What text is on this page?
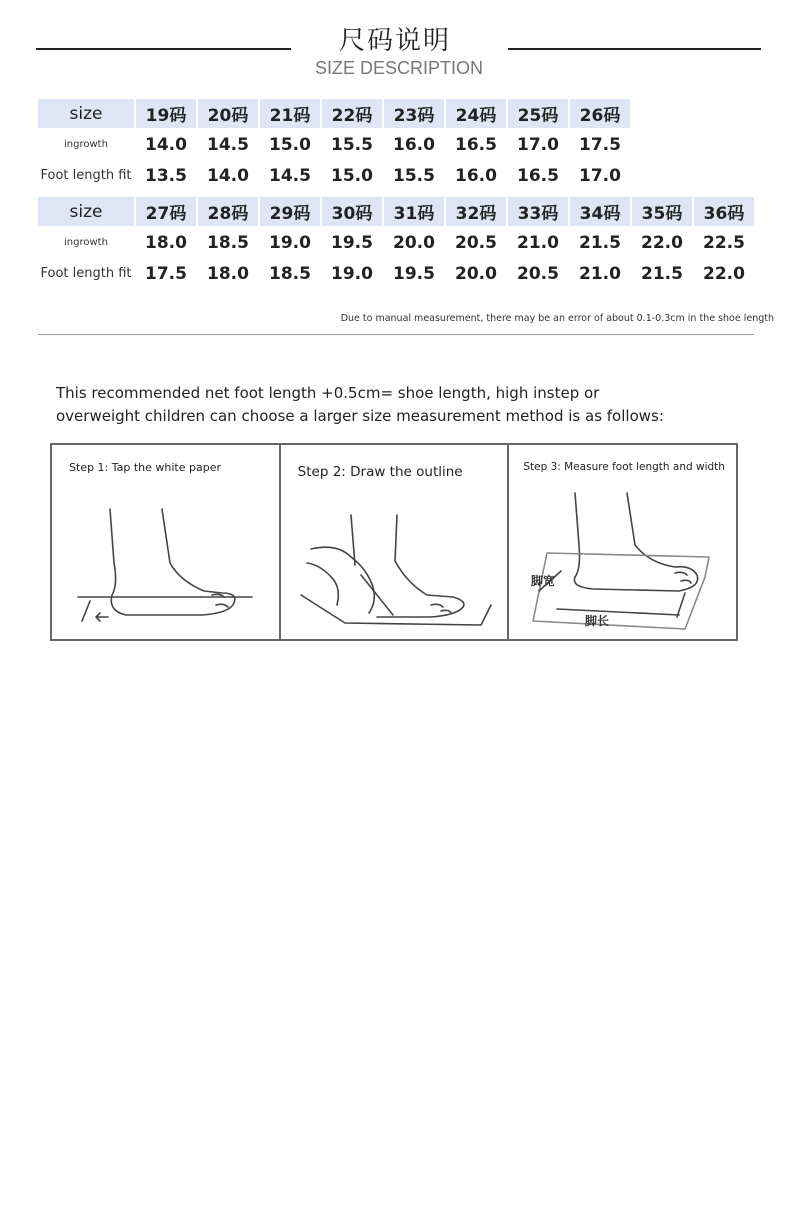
尺码说明
SIZE DESCRIPTION
size	19码	20码	21码	22码	23码	24码	25码	26码
ingrowth	14.0	14.5	15.0	15.5	16.0	16.5	17.0	17.5
Foot length fit	13.5	14.0	14.5	15.0	15.5	16.0	16.5	17.0
size	27码	28码	29码	30码	31码	32码	33码	34码	35码	36码
ingrowth	18.0	18.5	19.0	19.5	20.0	20.5	21.0	21.5	22.0	22.5
Foot length fit	17.5	18.0	18.5	19.0	19.5	20.0	20.5	21.0	21.5	22.0
Due to manual measurement, there may be an error of about 0.1-0.3cm in the shoe length
This recommended net foot length +0.5cm= shoe length, high instep or
overweight children can choose a larger size measurement method is as follows:
Step 1: Tap the white paper	Step 2: Draw the outline	Step 3: Measure foot length and width
脚宽
脚长
